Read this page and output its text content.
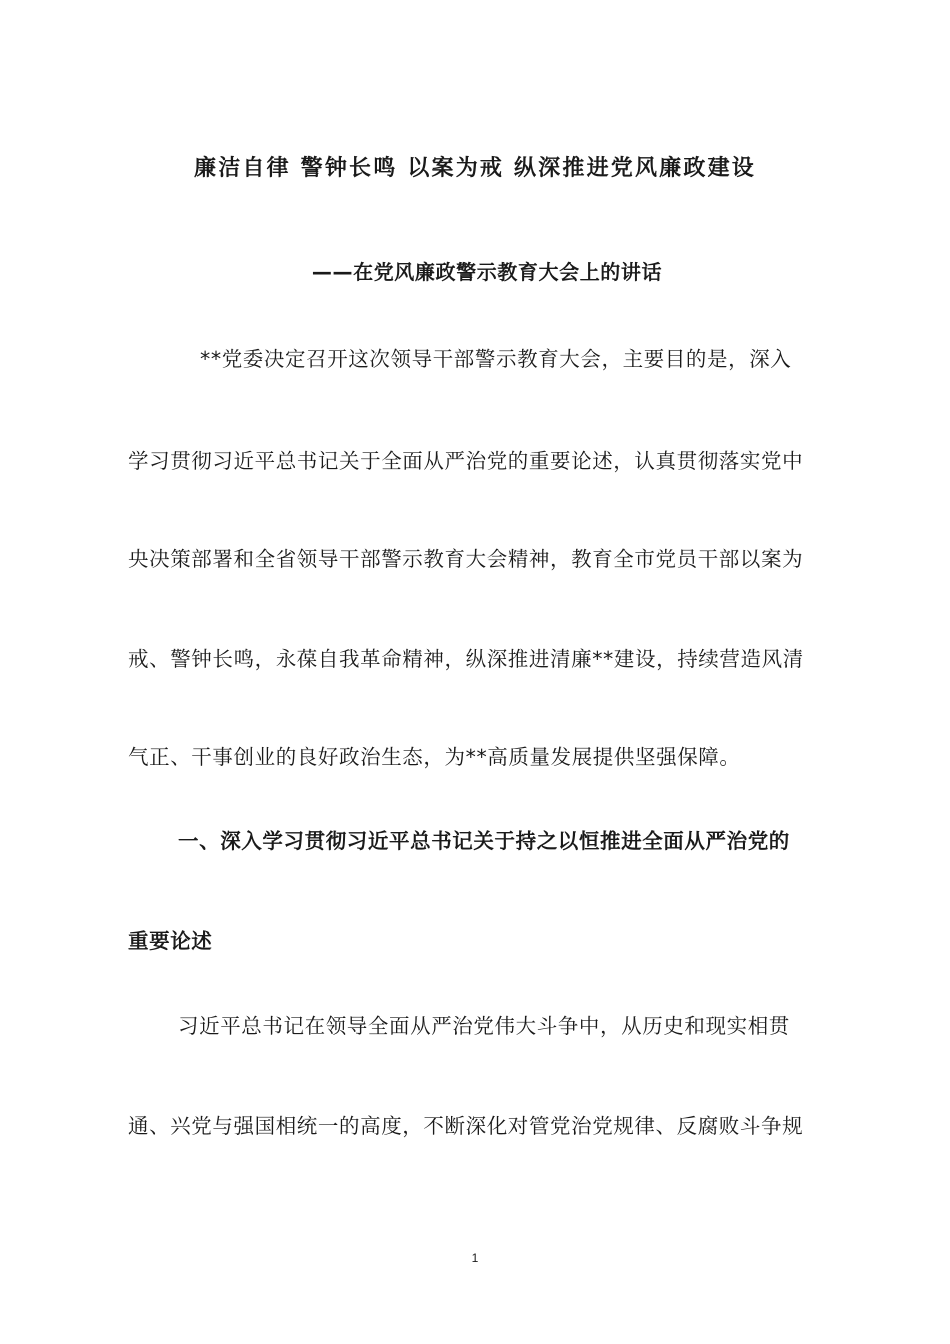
廉洁自律 警钟长鸣 以案为戒 纵深推进党风廉政建设
——在党风廉政警示教育大会上的讲话
**党委决定召开这次领导干部警示教育大会，主要目的是，深入
学习贯彻习近平总书记关于全面从严治党的重要论述，认真贯彻落实党中
央决策部署和全省领导干部警示教育大会精神，教育全市党员干部以案为
戒、警钟长鸣，永葆自我革命精神，纵深推进清廉**建设，持续营造风清
气正、干事创业的良好政治生态，为**高质量发展提供坚强保障。
一、深入学习贯彻习近平总书记关于持之以恒推进全面从严治党的
重要论述
习近平总书记在领导全面从严治党伟大斗争中，从历史和现实相贯
通、兴党与强国相统一的高度，不断深化对管党治党规律、反腐败斗争规
1
